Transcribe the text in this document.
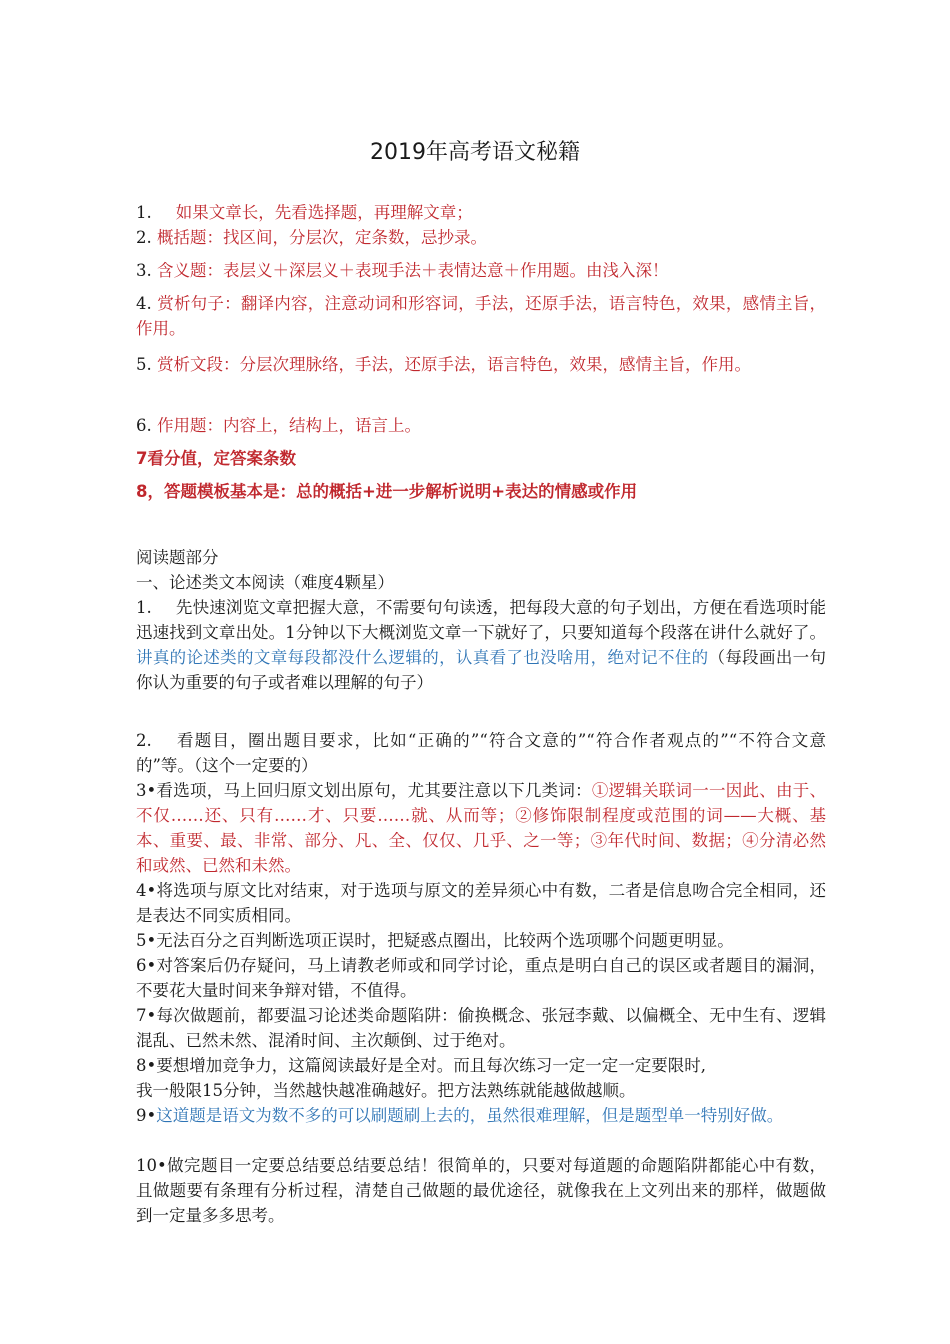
2019年高考语文秘籍
1. 如果文章长，先看选择题，再理解文章；
2. 概括题：找区间，分层次，定条数，忌抄录。
3. 含义题：表层义＋深层义＋表现手法＋表情达意＋作用题。由浅入深！
4. 赏析句子：翻译内容，注意动词和形容词，手法，还原手法，语言特色，效果，感情主旨，作用。
5. 赏析文段：分层次理脉络，手法，还原手法，语言特色，效果，感情主旨，作用。
6. 作用题：内容上，结构上，语言上。
7看分值，定答案条数
8，答题模板基本是：总的概括+进一步解析说明+表达的情感或作用
阅读题部分
一、论述类文本阅读（难度4颗星）
1. 先快速浏览文章把握大意，不需要句句读透，把每段大意的句子划出，方便在看选项时能迅速找到文章出处。1分钟以下大概浏览文章一下就好了，只要知道每个段落在讲什么就好了。讲真的论述类的文章每段都没什么逻辑的，认真看了也没啥用，绝对记不住的（每段画出一句你认为重要的句子或者难以理解的句子）
2. 看题目，圈出题目要求，比如“正确的”“符合文意的”“符合作者观点的”“不符合文意的”等。（这个一定要的）
3•看选项，马上回归原文划出原句，尤其要注意以下几类词：①逻辑关联词一一因此、由于、不仅……还、只有……才、只要……就、从而等；②修饰限制程度或范围的词——大概、基本、重要、最、非常、部分、凡、全、仅仅、几乎、之一等；③年代时间、数据；④分清必然和或然、已然和未然。
4•将选项与原文比对结束，对于选项与原文的差异须心中有数，二者是信息吻合完全相同，还是表达不同实质相同。
5•无法百分之百判断选项正误时，把疑惑点圈出，比较两个选项哪个问题更明显。
6•对答案后仍存疑问，马上请教老师或和同学讨论，重点是明白自己的误区或者题目的漏洞，不要花大量时间来争辩对错，不值得。
7•每次做题前，都要温习论述类命题陷阱：偷换概念、张冠李戴、以偏概全、无中生有、逻辑混乱、已然未然、混淆时间、主次颠倒、过于绝对。
8•要想增加竞争力，这篇阅读最好是全对。而且每次练习一定一定一定要限时,
我一般限15分钟，当然越快越准确越好。把方法熟练就能越做越顺。
9•这道题是语文为数不多的可以刷题刷上去的，虽然很难理解，但是题型单一特别好做。
10•做完题目一定要总结要总结要总结！很简单的，只要对每道题的命题陷阱都能心中有数，且做题要有条理有分析过程，清楚自己做题的最优途径，就像我在上文列出来的那样，做题做到一定量多多思考。
